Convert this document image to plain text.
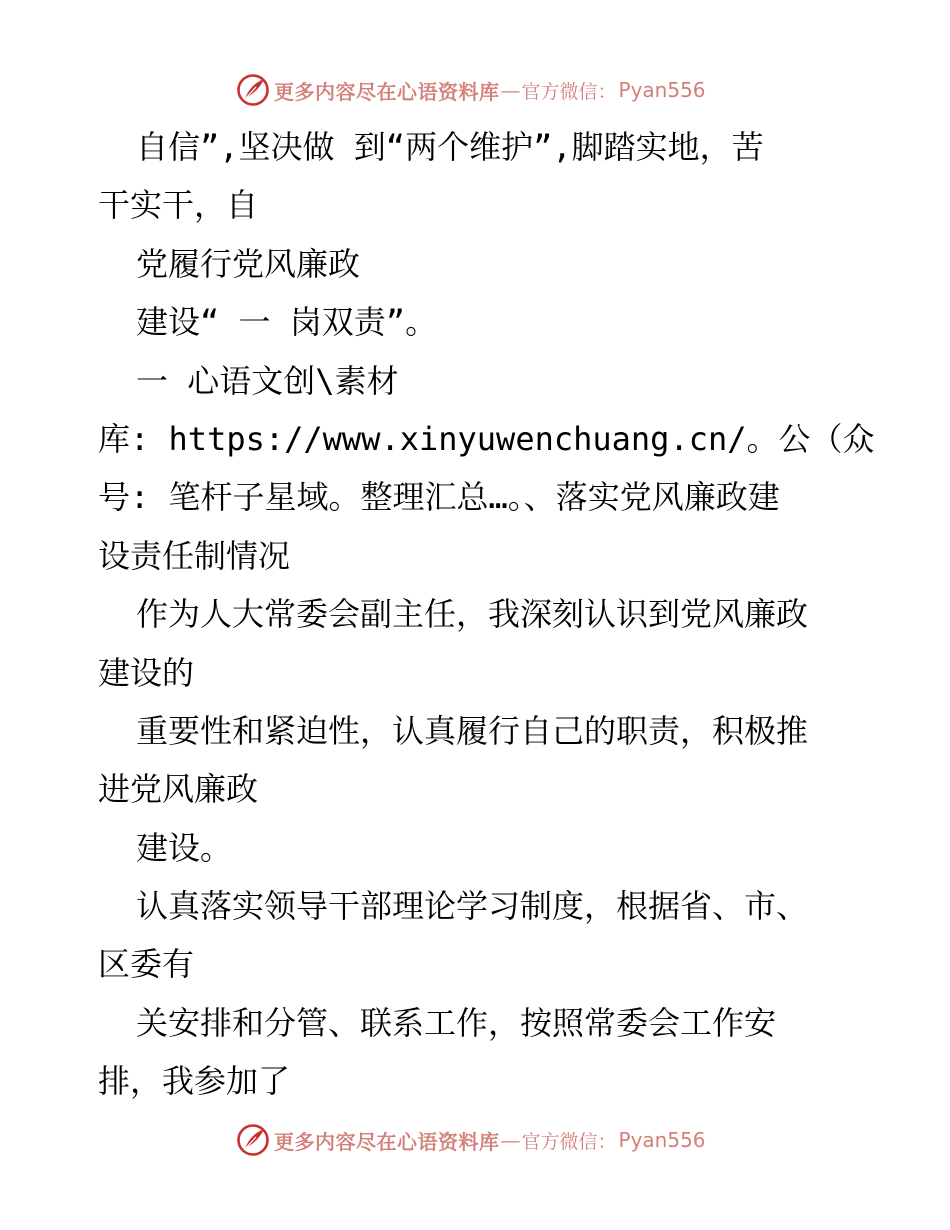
更多内容尽在心语资料库 — 官方微信： Pyan556
自信”,坚决做 到“两个维护”,脚踏实地，苦
干实干，自
党履行党风廉政
建设“ 一 岗双责”。
一 心语文创\素材
库: https://www.xinyuwenchuang.cn/。公（众
号: 笔杆子星域。整理汇总…。、落实党风廉政建
设责任制情况
作为人大常委会副主任，我深刻认识到党风廉政
建设的
重要性和紧迫性，认真履行自己的职责，积极推
进党风廉政
建设。
认真落实领导干部理论学习制度，根据省、市、
区委有
关安排和分管、联系工作，按照常委会工作安
排，我参加了
更多内容尽在心语资料库 — 官方微信： Pyan556
